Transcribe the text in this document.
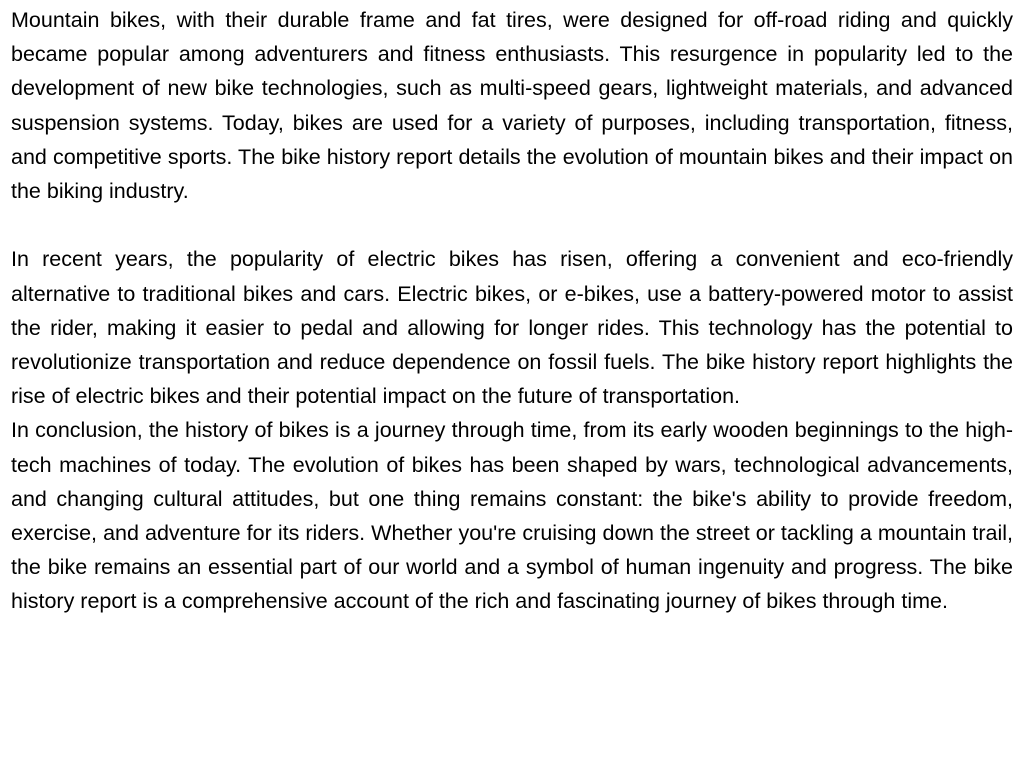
Mountain bikes, with their durable frame and fat tires, were designed for off-road riding and quickly became popular among adventurers and fitness enthusiasts. This resurgence in popularity led to the development of new bike technologies, such as multi-speed gears, lightweight materials, and advanced suspension systems. Today, bikes are used for a variety of purposes, including transportation, fitness, and competitive sports. The bike history report details the evolution of mountain bikes and their impact on the biking industry.

In recent years, the popularity of electric bikes has risen, offering a convenient and eco-friendly alternative to traditional bikes and cars. Electric bikes, or e-bikes, use a battery-powered motor to assist the rider, making it easier to pedal and allowing for longer rides. This technology has the potential to revolutionize transportation and reduce dependence on fossil fuels. The bike history report highlights the rise of electric bikes and their potential impact on the future of transportation.

In conclusion, the history of bikes is a journey through time, from its early wooden beginnings to the high-tech machines of today. The evolution of bikes has been shaped by wars, technological advancements, and changing cultural attitudes, but one thing remains constant: the bike's ability to provide freedom, exercise, and adventure for its riders. Whether you're cruising down the street or tackling a mountain trail, the bike remains an essential part of our world and a symbol of human ingenuity and progress. The bike history report is a comprehensive account of the rich and fascinating journey of bikes through time.
